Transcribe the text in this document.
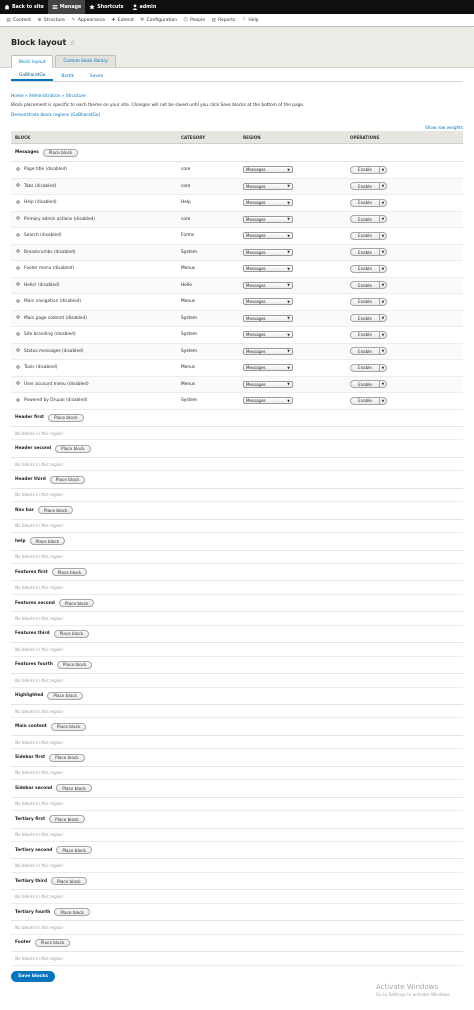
Back to site	Manage	Shortcuts	admin
▤ Content ⊞ Structure ✎ Appearance ✚ Extend ⚒ Configuration ☺ People ▥ Reports ? Help
Block layout ☆
Block layout	Custom block library
GoBharatGo	Bartik	Seven
Home » Administration » Structure
Block placement is specific to each theme on your site. Changes will not be saved until you click Save blocks at the bottom of the page.
Demonstrate block regions (GoBharatGo)
Show row weights
BLOCK	CATEGORY	REGION	OPERATIONS
Messages	Place block
✥ Page title (disabled)	core	Messages	▼	Enable	▼
✥ Tabs (disabled)	core	Messages	▼	Enable	▼
✥ Help (disabled)	Help	Messages	▼	Enable	▼
✥ Primary admin actions (disabled)	core	Messages	▼	Enable	▼
✥ Search (disabled)	Forms	Messages	▼	Enable	▼
✥ Breadcrumbs (disabled)	System	Messages	▼	Enable	▼
✥ Footer menu (disabled)	Menus	Messages	▼	Enable	▼
✥ Hello! (disabled)	Hello	Messages	▼	Enable	▼
✥ Main navigation (disabled)	Menus	Messages	▼	Enable	▼
✥ Main page content (disabled)	System	Messages	▼	Enable	▼
✥ Site branding (disabled)	System	Messages	▼	Enable	▼
✥ Status messages (disabled)	System	Messages	▼	Enable	▼
✥ Tools (disabled)	Menus	Messages	▼	Enable	▼
✥ User account menu (disabled)	Menus	Messages	▼	Enable	▼
✥ Powered by Drupal (disabled)	System	Messages	▼	Enable	▼
Header first	Place block
No blocks in this region
Header second	Place block
No blocks in this region
Header third	Place block
No blocks in this region
Nav bar	Place block
No blocks in this region
help	Place block
No blocks in this region
Features first	Place block
No blocks in this region
Features second	Place block
No blocks in this region
Features third	Place block
No blocks in this region
Features fourth	Place block
No blocks in this region
Highlighted	Place block
No blocks in this region
Main content	Place block
No blocks in this region
Sidebar first	Place block
No blocks in this region
Sidebar second	Place block
No blocks in this region
Tertiary first	Place block
No blocks in this region
Tertiary second	Place block
No blocks in this region
Tertiary third	Place block
No blocks in this region
Tertiary fourth	Place block
No blocks in this region
Footer	Place block
No blocks in this region
Save blocks
Activate Windows
Go to Settings to activate Windows.
